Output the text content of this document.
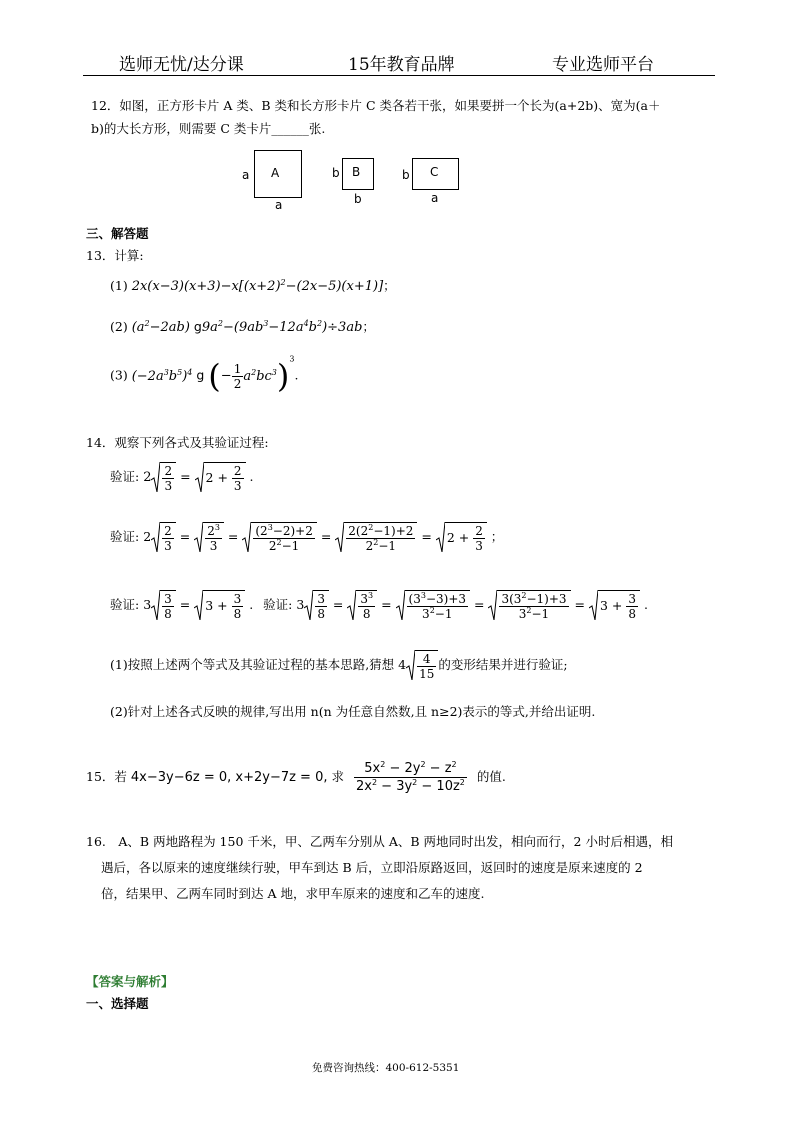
选师无忧/达分课	15年教育品牌	专业选师平台
12．如图，正方形卡片 A 类、B 类和长方形卡片 C 类各若干张，如果要拼一个长为(a+2b)、宽为(a＋
b)的大长方形，则需要 C 类卡片______张.
A
a
a
B
b
b
C
b
a
三、解答题
13．计算:
(1) $2x(x-3)(x+3)-x[(x+2)^2-(2x-5)(x+1)]$；
(2) $(a^2-2ab)$ $g9a^2-(9ab^3-12a^4b^2)\div 3ab$；
(3) $(-2a^3b^5)^4$ g (− $\frac{1}{2} a^2bc^3)^3$.
14．观察下列各式及其验证过程:
验证: $2 \frac{2}{3}$ =
$2 + \frac{2}{3}$ .
验证: $2 \frac{2}{3} = \frac{2^3}{3} = \frac{(2^3-2)+2}{2^2-1} = \frac{2(2^2-1)+2}{2^2-1}$ =
$2 + \frac{2}{3}$ ；
验证: $3 \frac{3}{8}$ =
$3 + \frac{3}{8}$ . 验证: $3 \frac{3}{8} = \frac{3^3}{8} = \frac{(3^3-3)+3}{3^2-1} = \frac{3(3^2-1)+3}{3^2-1}$ =
$3 + \frac{3}{8}$ .
(1)按照上述两个等式及其验证过程的基本思路,猜想 $4 \frac{4}{15}$ 的变形结果并进行验证;
(2)针对上述各式反映的规律,写出用 n(n 为任意自然数,且 n≥2)表示的等式,并给出证明.
15．若 4x−3y−6z = 0, x+2y−7z = 0, 求 $\frac{5x^2 - 2y^2 - z^2}{2x^2 - 3y^2 - 10z^2}$ 的值.
16.　A、B 两地路程为 150 千米，甲、乙两车分别从 A、B 两地同时出发，相向而行，2 小时后相遇，相
遇后，各以原来的速度继续行驶，甲车到达 B 后，立即沿原路返回，返回时的速度是原来速度的 2
倍，结果甲、乙两车同时到达 A 地，求甲车原来的速度和乙车的速度.
【答案与解析】
一、选择题
免费咨询热线：400-612-5351
